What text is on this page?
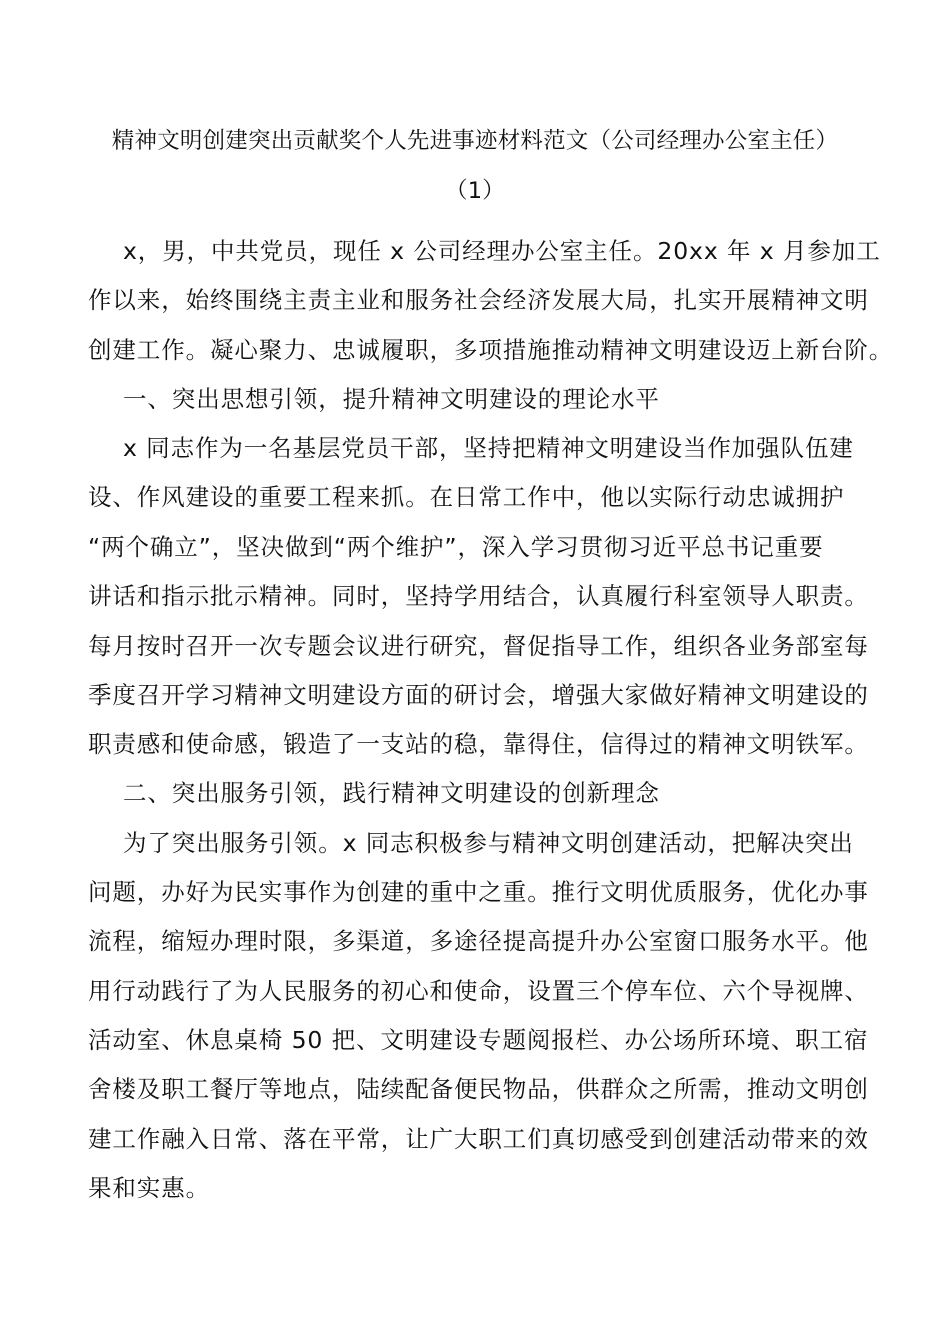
精神文明创建突出贡献奖个人先进事迹材料范文（公司经理办公室主任）
（1）
x，男，中共党员，现任 x 公司经理办公室主任。20xx 年 x 月参加工
作以来，始终围绕主责主业和服务社会经济发展大局，扎实开展精神文明
创建工作。凝心聚力、忠诚履职，多项措施推动精神文明建设迈上新台阶。
一、突出思想引领，提升精神文明建设的理论水平
x 同志作为一名基层党员干部，坚持把精神文明建设当作加强队伍建
设、作风建设的重要工程来抓。在日常工作中，他以实际行动忠诚拥护
“两个确立”，坚决做到“两个维护”，深入学习贯彻习近平总书记重要
讲话和指示批示精神。同时，坚持学用结合，认真履行科室领导人职责。
每月按时召开一次专题会议进行研究，督促指导工作，组织各业务部室每
季度召开学习精神文明建设方面的研讨会，增强大家做好精神文明建设的
职责感和使命感，锻造了一支站的稳，靠得住，信得过的精神文明铁军。
二、突出服务引领，践行精神文明建设的创新理念
为了突出服务引领。x 同志积极参与精神文明创建活动，把解决突出
问题，办好为民实事作为创建的重中之重。推行文明优质服务，优化办事
流程，缩短办理时限，多渠道，多途径提高提升办公室窗口服务水平。他
用行动践行了为人民服务的初心和使命，设置三个停车位、六个导视牌、
活动室、休息桌椅 50 把、文明建设专题阅报栏、办公场所环境、职工宿
舍楼及职工餐厅等地点，陆续配备便民物品，供群众之所需，推动文明创
建工作融入日常、落在平常，让广大职工们真切感受到创建活动带来的效
果和实惠。
